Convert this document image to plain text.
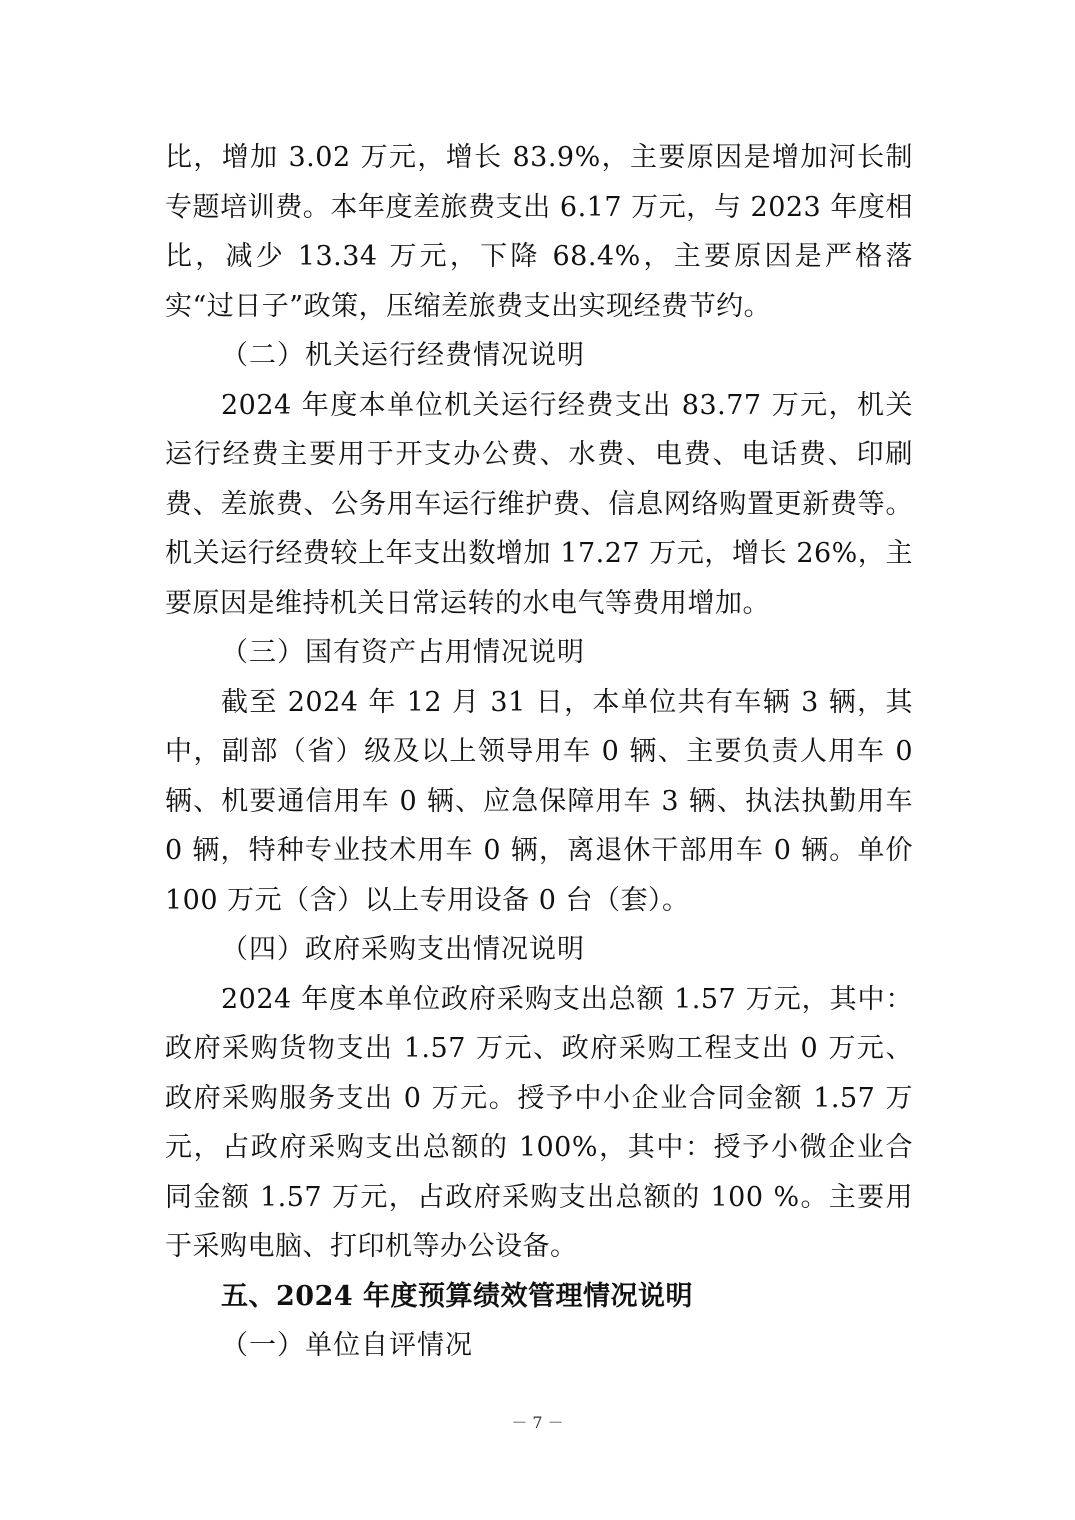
比，增加 3.02 万元，增长 83.9%，主要原因是增加河长制专题培训费。本年度差旅费支出 6.17 万元，与 2023 年度相比，减少 13.34 万元，下降 68.4%，主要原因是严格落实“过日子”政策，压缩差旅费支出实现经费节约。

（二）机关运行经费情况说明

2024 年度本单位机关运行经费支出 83.77 万元，机关运行经费主要用于开支办公费、水费、电费、电话费、印刷费、差旅费、公务用车运行维护费、信息网络购置更新费等。机关运行经费较上年支出数增加 17.27 万元，增长 26%，主要原因是维持机关日常运转的水电气等费用增加。

（三）国有资产占用情况说明

截至 2024 年 12 月 31 日，本单位共有车辆 3 辆，其中，副部（省）级及以上领导用车 0 辆、主要负责人用车 0 辆、机要通信用车 0 辆、应急保障用车 3 辆、执法执勤用车 0 辆，特种专业技术用车 0 辆，离退休干部用车 0 辆。单价 100 万元（含）以上专用设备 0 台（套）。

（四）政府采购支出情况说明

2024 年度本单位政府采购支出总额 1.57 万元，其中：政府采购货物支出 1.57 万元、政府采购工程支出 0 万元、政府采购服务支出 0 万元。授予中小企业合同金额 1.57 万元，占政府采购支出总额的 100%，其中：授予小微企业合同金额 1.57 万元，占政府采购支出总额的 100 %。主要用于采购电脑、打印机等办公设备。

五、2024 年度预算绩效管理情况说明

（一）单位自评情况

－ 7 －
